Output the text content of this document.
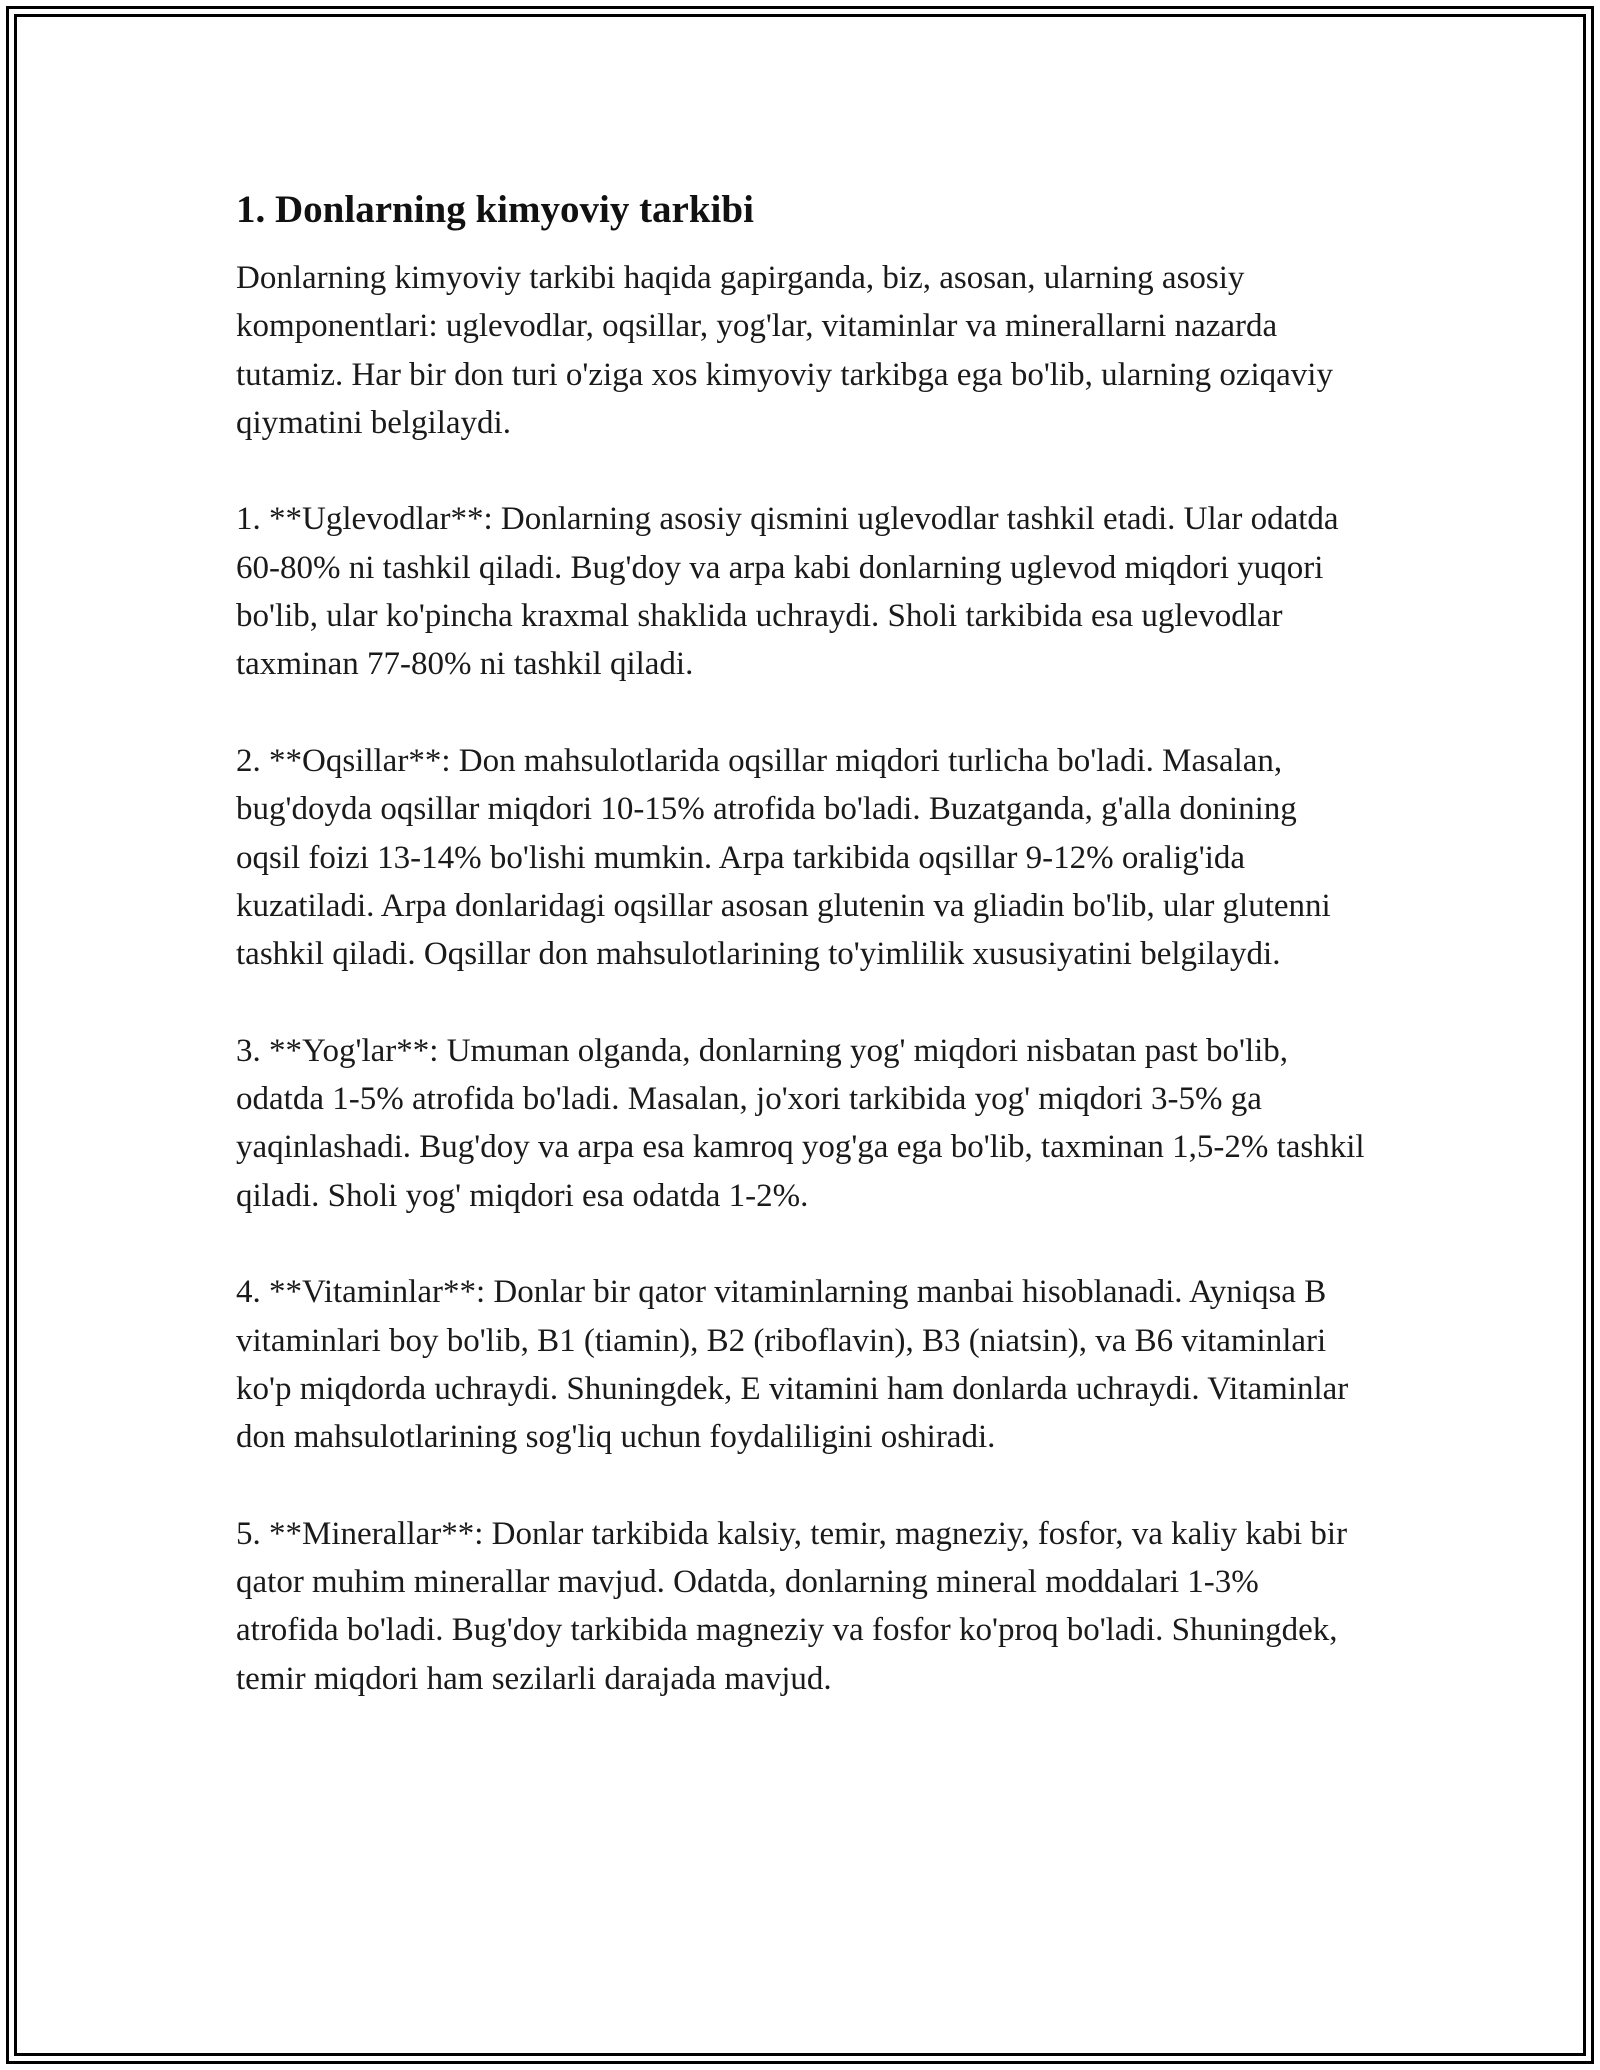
1. Donlarning kimyoviy tarkibi

Donlarning kimyoviy tarkibi haqida gapirganda, biz, asosan, ularning asosiy komponentlari: uglevodlar, oqsillar, yog'lar, vitaminlar va minerallarni nazarda tutamiz. Har bir don turi o'ziga xos kimyoviy tarkibga ega bo'lib, ularning oziqaviy qiymatini belgilaydi.

1. **Uglevodlar**: Donlarning asosiy qismini uglevodlar tashkil etadi. Ular odatda 60-80% ni tashkil qiladi. Bug'doy va arpa kabi donlarning uglevod miqdori yuqori bo'lib, ular ko'pincha kraxmal shaklida uchraydi. Sholi tarkibida esa uglevodlar taxminan 77-80% ni tashkil qiladi.

2. **Oqsillar**: Don mahsulotlarida oqsillar miqdori turlicha bo'ladi. Masalan, bug'doyda oqsillar miqdori 10-15% atrofida bo'ladi. Buzatganda, g'alla donining oqsil foizi 13-14% bo'lishi mumkin. Arpa tarkibida oqsillar 9-12% oralig'ida kuzatiladi. Arpa donlaridagi oqsillar asosan glutenin va gliadin bo'lib, ular glutenni tashkil qiladi. Oqsillar don mahsulotlarining to'yimlilik xususiyatini belgilaydi.

3. **Yog'lar**: Umuman olganda, donlarning yog' miqdori nisbatan past bo'lib, odatda 1-5% atrofida bo'ladi. Masalan, jo'xori tarkibida yog' miqdori 3-5% ga yaqinlashadi. Bug'doy va arpa esa kamroq yog'ga ega bo'lib, taxminan 1,5-2% tashkil qiladi. Sholi yog' miqdori esa odatda 1-2%.

4. **Vitaminlar**: Donlar bir qator vitaminlarning manbai hisoblanadi. Ayniqsa B vitaminlari boy bo'lib, B1 (tiamin), B2 (riboflavin), B3 (niatsin), va B6 vitaminlari ko'p miqdorda uchraydi. Shuningdek, E vitamini ham donlarda uchraydi. Vitaminlar don mahsulotlarining sog'liq uchun foydaliligini oshiradi.

5. **Minerallar**: Donlar tarkibida kalsiy, temir, magneziy, fosfor, va kaliy kabi bir qator muhim minerallar mavjud. Odatda, donlarning mineral moddalari 1-3% atrofida bo'ladi. Bug'doy tarkibida magneziy va fosfor ko'proq bo'ladi. Shuningdek, temir miqdori ham sezilarli darajada mavjud.
